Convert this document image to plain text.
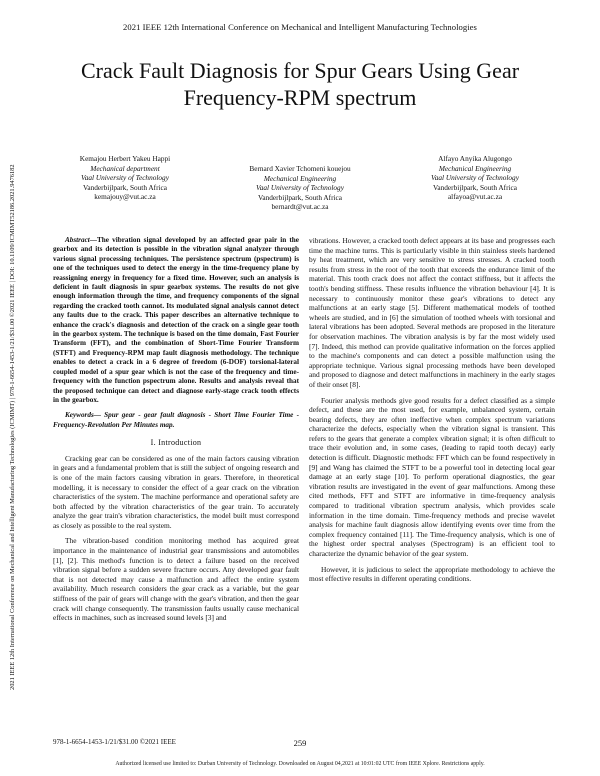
2021 IEEE 12th International Conference on Mechanical and Intelligent Manufacturing Technologies
Crack Fault Diagnosis for Spur Gears Using Gear Frequency-RPM spectrum
2021 IEEE 12th International Conference on Mechanical and Intelligent Manufacturing Technologies (ICMIMT) | 978-1-6654-1453-1/21/$31.00 ©2021 IEEE | DOI: 10.1109/ICMIMT52186.2021.9476182
Kemajou Herbert Yakeu Happi
Mechanical department
Vaal University of Technology
Vanderbijlpark, South Africa
kemajouy@vut.ac.za
Bernard Xavier Tchomeni kouejou
Mechanical Engineering
Vaal University of Technology
Vanderbijlpark, South Africa
bernardt@vut.ac.za
Alfayo Anyika Alugongo
Mechanical Engineering
Vaal University of Technology
Vanderbijlpark, South Africa
alfayoa@vut.ac.za

Abstract—The vibration signal developed by an affected gear pair in the gearbox and its detection is possible in the vibration signal analyzer through various signal processing techniques. The persistence spectrum (pspectrum) is one of the techniques used to detect the energy in the time-frequency plane by reassigning energy in frequency for a fixed time. However, such an analysis is deficient in fault diagnosis in spur gearbox systems. The results do not give enough information through the time, and frequency components of the signal regarding the cracked tooth cannot. Its modulated signal analysis cannot detect any faults due to the crack. This paper describes an alternative technique to enhance the crack's diagnosis and detection of the crack on a single gear tooth in the gearbox system. The technique is based on the time domain, Fast Fourier Transform (FFT), and the combination of Short-Time Fourier Transform (STFT) and Frequency-RPM map fault diagnosis methodology. The technique enables to detect a crack in a 6 degree of freedom (6-DOF) torsional-lateral coupled model of a spur gear which is not the case of the frequency and time-frequency with the function pspectrum alone. Results and analysis reveal that the proposed technique can detect and diagnose early-stage crack tooth effects in the gearbox.

Keywords— Spur gear - gear fault diagnosis - Short Time Fourier Time - Frequency-Revolution Per Minutes map.

I. Introduction

Cracking gear can be considered as one of the main factors causing vibration in gears and a fundamental problem that is still the subject of ongoing research and is one of the main factors causing vibration in gears. Therefore, in theoretical modelling, it is necessary to consider the effect of a gear crack on the vibration characteristics of the system. The machine performance and operational safety are both affected by the vibration characteristics of the gear train. To accurately analyze the gear train's vibration characteristics, the model built must correspond as closely as possible to the real system.

The vibration-based condition monitoring method has acquired great importance in the maintenance of industrial gear transmissions and automobiles [1], [2]. This method's function is to detect a failure based on the received vibration signal before a sudden severe fracture occurs. Any developed gear fault that is not detected may cause a malfunction and affect the entire system availability. Much research considers the gear crack as a variable, but the gear stiffness of the pair of gears will change with the gear's vibration, and then the gear crack will change consequently. The transmission faults usually cause mechanical effects in machines, such as increased sound levels [3] and

vibrations. However, a cracked tooth defect appears at its base and progresses each time the machine turns. This is particularly visible in thin stainless steels hardened by heat treatment, which are very sensitive to stress stresses. A cracked tooth results from stress in the root of the tooth that exceeds the endurance limit of the material. This tooth crack does not affect the contact stiffness, but it affects the tooth's bending stiffness. These results influence the vibration behaviour [4]. It is necessary to continuously monitor these gear's vibrations to detect any malfunctions at an early stage [5]. Different mathematical models of toothed wheels are studied, and in [6] the simulation of toothed wheels with torsional and lateral vibrations has been adopted. Several methods are proposed in the literature for observation machines. The vibration analysis is by far the most widely used [7]. Indeed, this method can provide qualitative information on the forces applied to the machine's components and can detect a possible malfunction using the appropriate technique. Various signal processing methods have been developed and proposed to diagnose and detect malfunctions in machinery in the early stages of their onset [8].

Fourier analysis methods give good results for a defect classified as a simple defect, and these are the most used, for example, unbalanced system, certain bearing defects, they are often ineffective when complex spectrum variations characterize the defects, especially when the vibration signal is transient. This refers to the gears that generate a complex vibration signal; it is often difficult to trace their evolution and, in some cases, (leading to rapid tooth decay) early detection is difficult. Diagnostic methods: FFT which can be found respectively in [9] and Wang has claimed the STFT to be a powerful tool in detecting local gear damage at an early stage [10]. To perform operational diagnostics, the gear vibration results are investigated in the event of gear malfunctions. Among these cited methods, FFT and STFT are informative in time-frequency analysis compared to traditional vibration spectrum analysis, which provides scale information in the time domain. Time-frequency methods and precise wavelet analysis for machine fault diagnosis allow identifying events over time from the complex frequency contained [11]. The Time-frequency analysis, which is one of the highest order spectral analyses (Spectrogram) is an efficient tool to characterize the dynamic behavior of the gear system.

However, it is judicious to select the appropriate methodology to achieve the most effective results in different operating conditions.

978-1-6654-1453-1/21/$31.00 ©2021 IEEE	259
Authorized licensed use limited to: Durban University of Technology. Downloaded on August 04,2021 at 10:01:02 UTC from IEEE Xplore. Restrictions apply.
